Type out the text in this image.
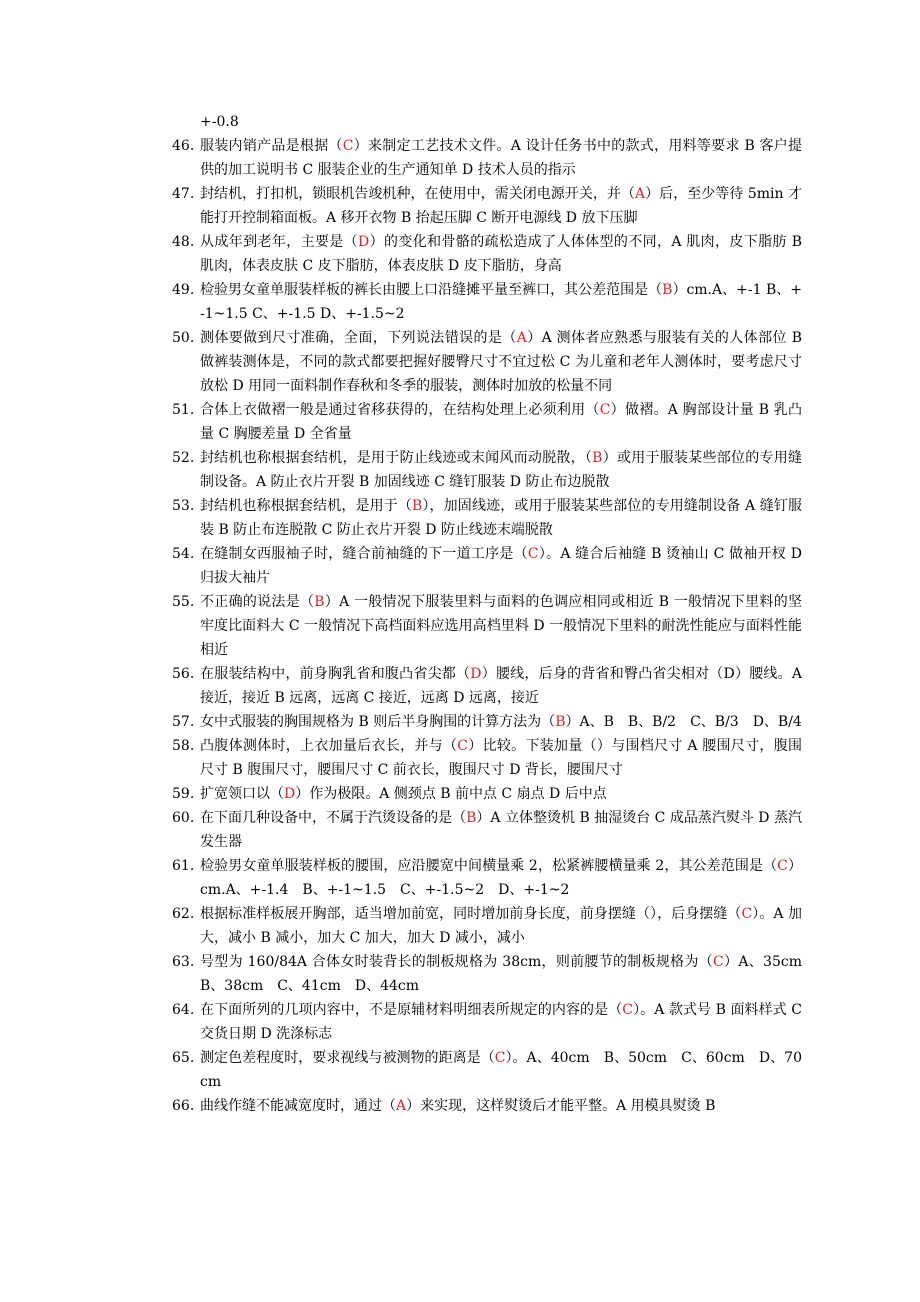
+-0.8
46. 服装内销产品是根据（C）来制定工艺技术文件。A 设计任务书中的款式，用料等要求 B 客户提供的加工说明书 C 服装企业的生产通知单 D 技术人员的指示
47. 封结机，打扣机，锁眼机告竣机种，在使用中，需关闭电源开关，并（A）后，至少等待 5min 才能打开控制箱面板。A 移开衣物 B 抬起压脚 C 断开电源线 D 放下压脚
48. 从成年到老年，主要是（D）的变化和骨骼的疏松造成了人体体型的不同，A 肌肉，皮下脂肪 B 肌肉，体表皮肤 C 皮下脂肪，体表皮肤 D 皮下脂肪，身高
49. 检验男女童单服装样板的裤长由腰上口沿缝摊平量至裤口，其公差范围是（B）cm.A、+-1 B、+-1~1.5 C、+-1.5 D、+-1.5~2
50. 测体要做到尺寸准确，全面，下列说法错误的是（A）A 测体者应熟悉与服装有关的人体部位 B 做裤装测体是，不同的款式都要把握好腰臀尺寸不宜过松 C 为儿童和老年人测体时，要考虑尺寸放松 D 用同一面料制作春秋和冬季的服装，测体时加放的松量不同
51. 合体上衣做褶一般是通过省移获得的，在结构处理上必须利用（C）做褶。A 胸部设计量 B 乳凸量 C 胸腰差量 D 全省量
52. 封结机也称根据套结机，是用于防止线迹或末闻风而动脱散，（B）或用于服装某些部位的专用缝制设备。A 防止衣片开裂 B 加固线迹 C 缝钉服装 D 防止布边脱散
53. 封结机也称根据套结机，是用于（B），加固线迹，或用于服装某些部位的专用缝制设备 A 缝钉服装 B 防止布连脱散 C 防止衣片开裂 D 防止线迹末端脱散
54. 在缝制女西服袖子时，缝合前袖缝的下一道工序是（C）。A 缝合后袖缝 B 烫袖山 C 做袖开杈 D 归拔大袖片
55. 不正确的说法是（B）A 一般情况下服装里料与面料的色调应相同或相近 B 一般情况下里料的坚牢度比面料大 C 一般情况下高档面料应选用高档里料 D 一般情况下里料的耐洗性能应与面料性能相近
56. 在服装结构中，前身胸乳省和腹凸省尖都（D）腰线，后身的背省和臀凸省尖相对（D）腰线。A 接近，接近 B 远离，远离 C 接近，远离 D 远离，接近
57. 女中式服装的胸围规格为 B 则后半身胸围的计算方法为（B）A、B　B、B/2　C、B/3　D、B/4
58. 凸腹体测体时，上衣加量后衣长，并与（C）比较。下装加量（）与围档尺寸 A 腰围尺寸，腹围尺寸 B 腹围尺寸，腰围尺寸 C 前衣长，腹围尺寸 D 背长，腰围尺寸
59. 扩宽领口以（D）作为极限。A 侧颈点 B 前中点 C 扇点 D 后中点
60. 在下面几种设备中，不属于汽烫设备的是（B）A 立体整烫机 B 抽湿烫台 C 成品蒸汽熨斗 D 蒸汽发生器
61. 检验男女童单服装样板的腰围，应沿腰宽中间横量乘 2，松紧裤腰横量乘 2，其公差范围是（C）cm.A、+-1.4　B、+-1~1.5　C、+-1.5~2　D、+-1~2
62. 根据标准样板展开胸部，适当增加前宽，同时增加前身长度，前身摆缝（），后身摆缝（C）。A 加大，减小 B 减小，加大 C 加大，加大 D 减小，减小
63. 号型为 160/84A 合体女时装背长的制板规格为 38cm，则前腰节的制板规格为（C）A、35cm　B、38cm　C、41cm　D、44cm
64. 在下面所列的几项内容中，不是原辅材料明细表所规定的内容的是（C）。A 款式号 B 面料样式 C 交货日期 D 洗涤标志
65. 测定色差程度时，要求视线与被测物的距离是（C）。A、40cm　B、50cm　C、60cm　D、70cm
66. 曲线作缝不能减宽度时，通过（A）来实现，这样熨烫后才能平整。A 用模具熨烫 B
